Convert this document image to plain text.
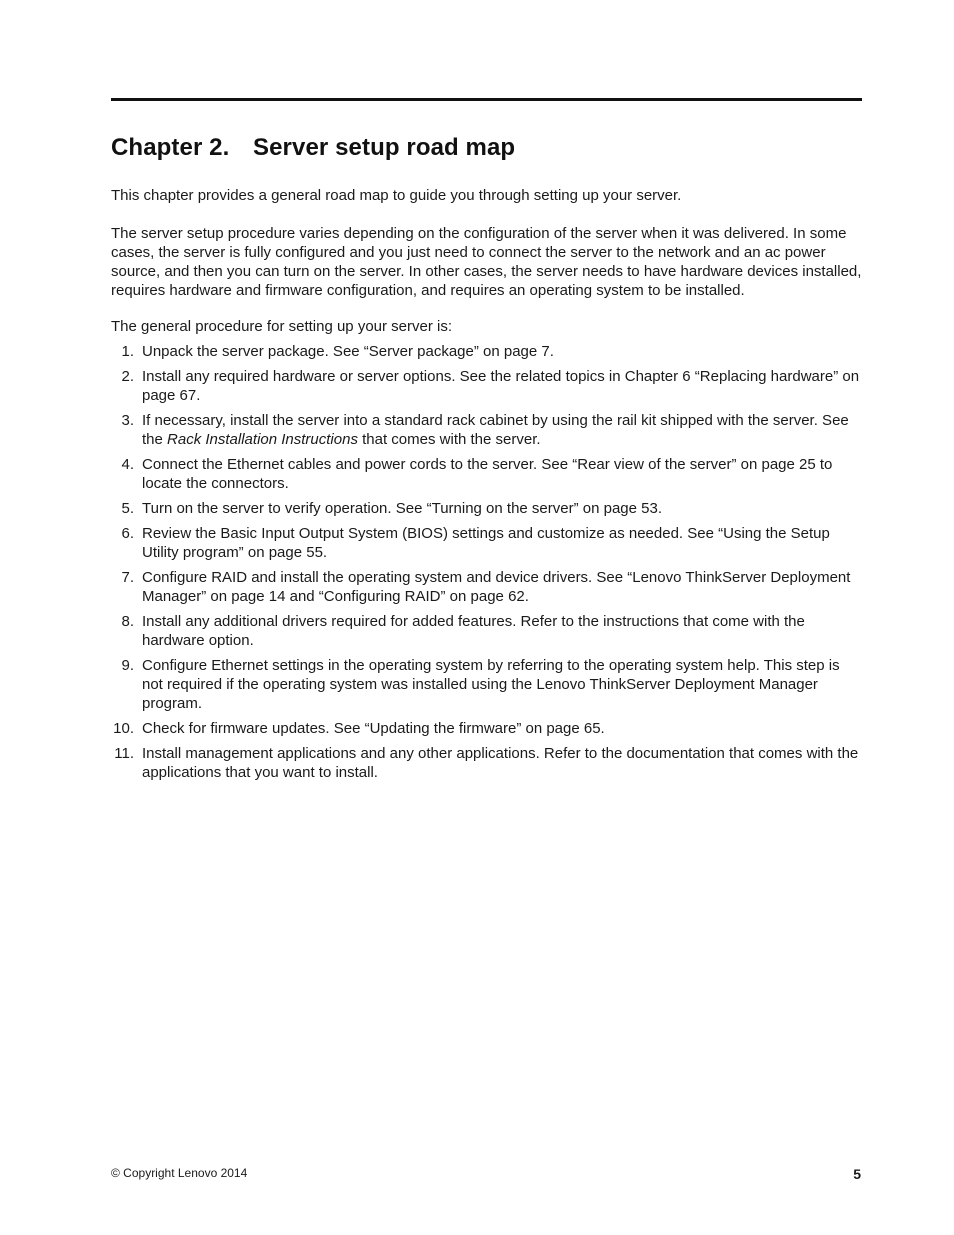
Chapter 2. Server setup road map

This chapter provides a general road map to guide you through setting up your server.

The server setup procedure varies depending on the configuration of the server when it was delivered. In some cases, the server is fully configured and you just need to connect the server to the network and an ac power source, and then you can turn on the server. In other cases, the server needs to have hardware devices installed, requires hardware and firmware configuration, and requires an operating system to be installed.

The general procedure for setting up your server is:

1. Unpack the server package. See “Server package” on page 7.
2. Install any required hardware or server options. See the related topics in Chapter 6 “Replacing hardware” on page 67.
3. If necessary, install the server into a standard rack cabinet by using the rail kit shipped with the server. See the Rack Installation Instructions that comes with the server.
4. Connect the Ethernet cables and power cords to the server. See “Rear view of the server” on page 25 to locate the connectors.
5. Turn on the server to verify operation. See “Turning on the server” on page 53.
6. Review the Basic Input Output System (BIOS) settings and customize as needed. See “Using the Setup Utility program” on page 55.
7. Configure RAID and install the operating system and device drivers. See “Lenovo ThinkServer Deployment Manager” on page 14 and “Configuring RAID” on page 62.
8. Install any additional drivers required for added features. Refer to the instructions that come with the hardware option.
9. Configure Ethernet settings in the operating system by referring to the operating system help. This step is not required if the operating system was installed using the Lenovo ThinkServer Deployment Manager program.
10. Check for firmware updates. See “Updating the firmware” on page 65.
11. Install management applications and any other applications. Refer to the documentation that comes with the applications that you want to install.
© Copyright Lenovo 2014	5
